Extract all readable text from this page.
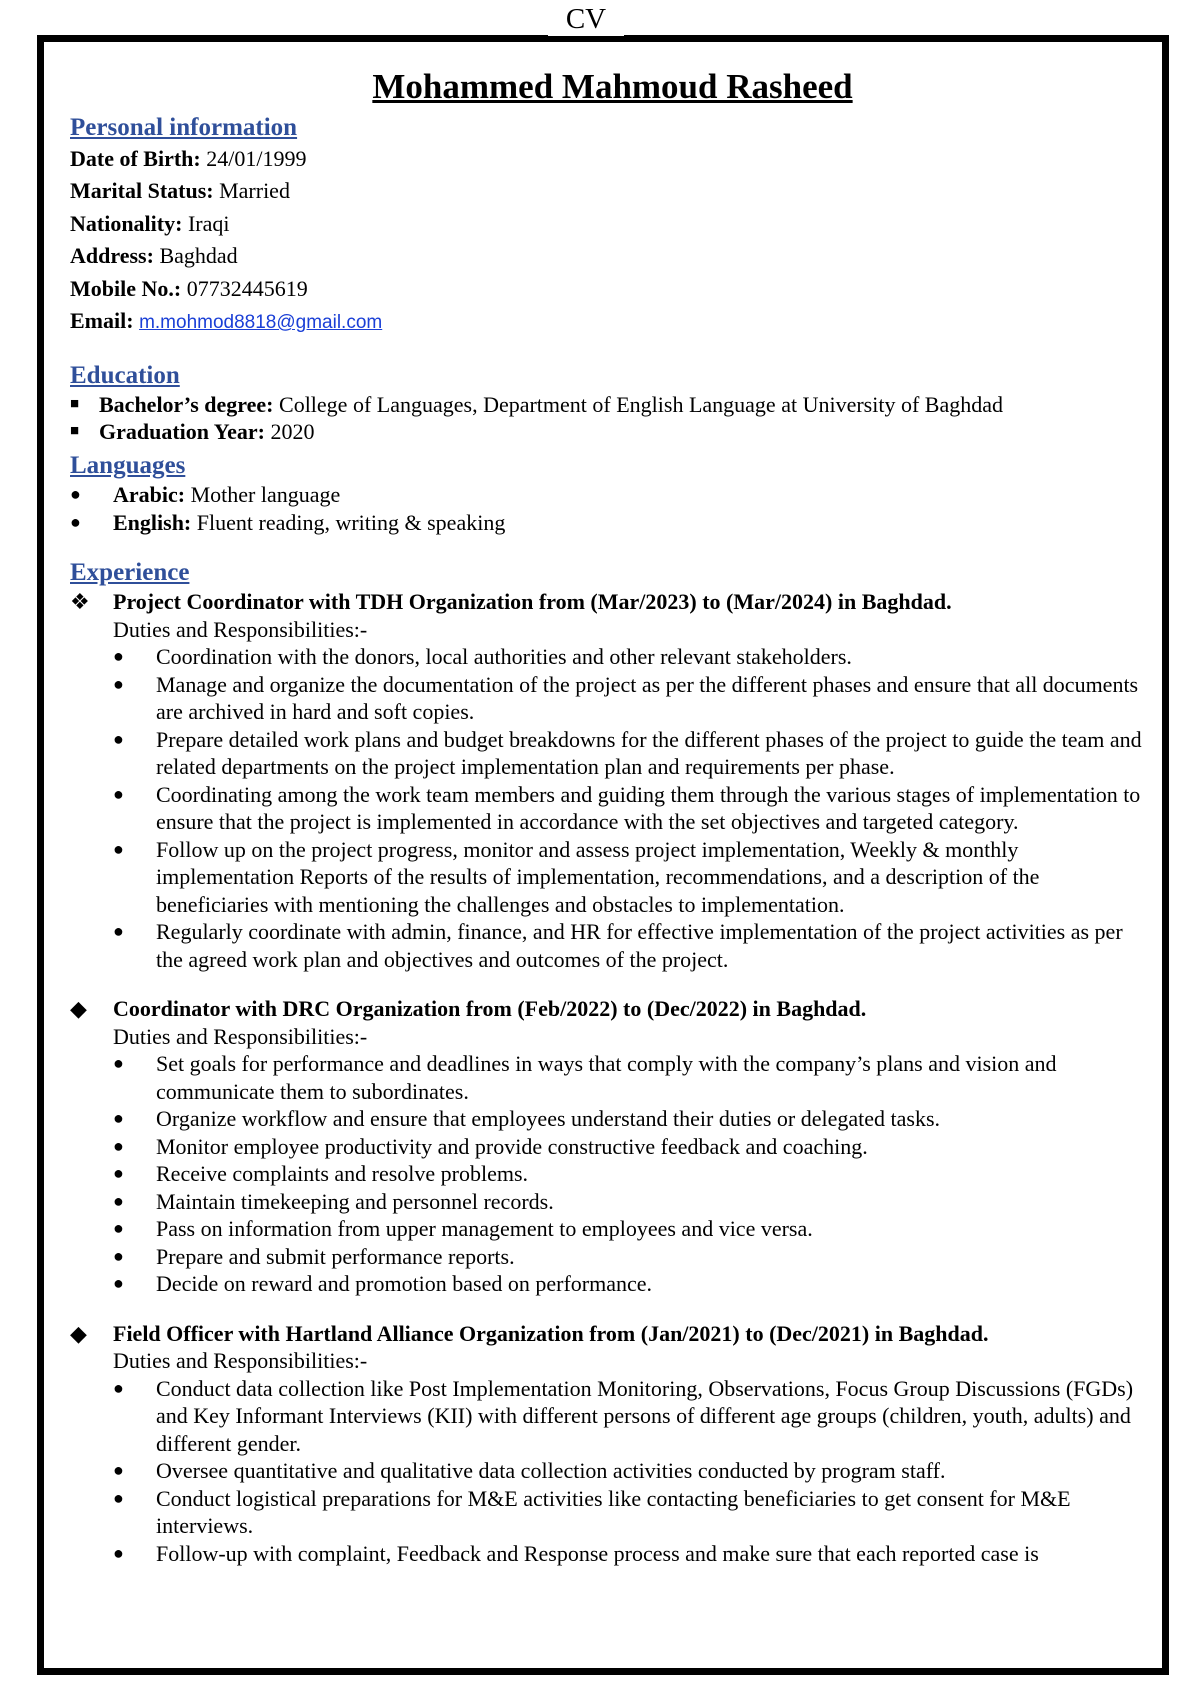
CV
Mohammed Mahmoud Rasheed
Personal information
Date of Birth: 24/01/1999
Marital Status: Married
Nationality: Iraqi
Address: Baghdad
Mobile No.: 07732445619
Email: m.mohmod8818@gmail.com
Education
■ Bachelor’s degree: College of Languages, Department of English Language at University of Baghdad
■ Graduation Year: 2020
Languages
● Arabic: Mother language
● English: Fluent reading, writing & speaking
Experience
❖ Project Coordinator with TDH Organization from (Mar/2023) to (Mar/2024) in Baghdad.
Duties and Responsibilities:-
● Coordination with the donors, local authorities and other relevant stakeholders.
● Manage and organize the documentation of the project as per the different phases and ensure that all documents are archived in hard and soft copies.
● Prepare detailed work plans and budget breakdowns for the different phases of the project to guide the team and related departments on the project implementation plan and requirements per phase.
● Coordinating among the work team members and guiding them through the various stages of implementation to ensure that the project is implemented in accordance with the set objectives and targeted category.
● Follow up on the project progress, monitor and assess project implementation, Weekly & monthly implementation Reports of the results of implementation, recommendations, and a description of the beneficiaries with mentioning the challenges and obstacles to implementation.
● Regularly coordinate with admin, finance, and HR for effective implementation of the project activities as per the agreed work plan and objectives and outcomes of the project.
◆ Coordinator with DRC Organization from (Feb/2022) to (Dec/2022) in Baghdad.
Duties and Responsibilities:-
● Set goals for performance and deadlines in ways that comply with the company’s plans and vision and communicate them to subordinates.
● Organize workflow and ensure that employees understand their duties or delegated tasks.
● Monitor employee productivity and provide constructive feedback and coaching.
● Receive complaints and resolve problems.
● Maintain timekeeping and personnel records.
● Pass on information from upper management to employees and vice versa.
● Prepare and submit performance reports.
● Decide on reward and promotion based on performance.
◆ Field Officer with Hartland Alliance Organization from (Jan/2021) to (Dec/2021) in Baghdad.
Duties and Responsibilities:-
● Conduct data collection like Post Implementation Monitoring, Observations, Focus Group Discussions (FGDs) and Key Informant Interviews (KII) with different persons of different age groups (children, youth, adults) and different gender.
● Oversee quantitative and qualitative data collection activities conducted by program staff.
● Conduct logistical preparations for M&E activities like contacting beneficiaries to get consent for M&E interviews.
● Follow-up with complaint, Feedback and Response process and make sure that each reported case is
